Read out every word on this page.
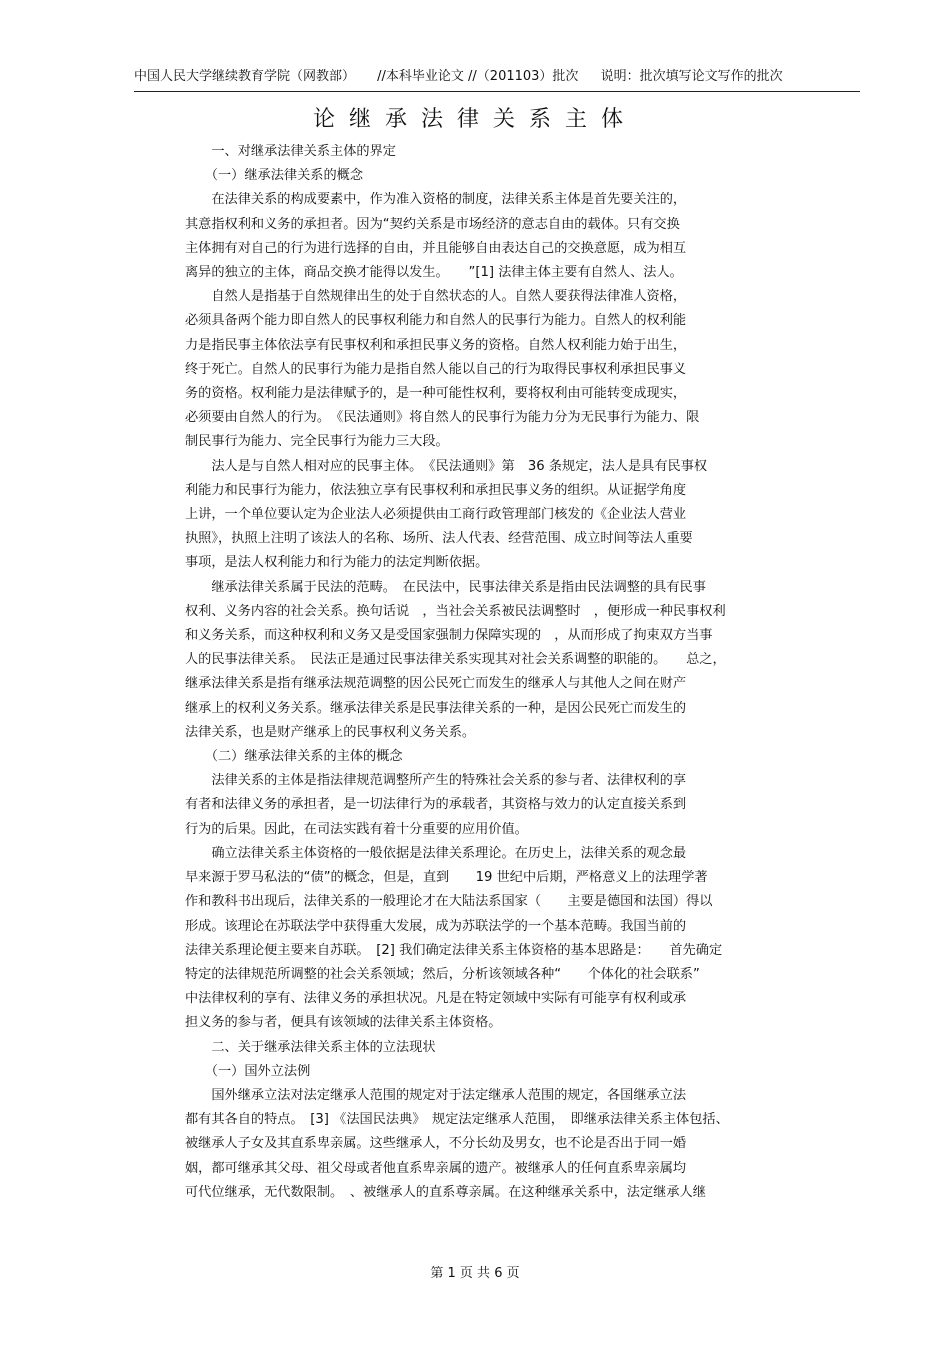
中国人民大学继续教育学院（网教部） //本科毕业论文 //（201103）批次 说明：批次填写论文写作的批次
论继承法律关系主体

　　一、对继承法律关系主体的界定

　　（一）继承法律关系的概念

　　在法律关系的构成要素中，作为准入资格的制度，法律关系主体是首先要关注的，

其意指权利和义务的承担者。因为“契约关系是市场经济的意志自由的载体。只有交换

主体拥有对自己的行为进行选择的自由，并且能够自由表达自己的交换意愿，成为相互

离异的独立的主体，商品交换才能得以发生。　　”[1] 法律主体主要有自然人、法人。

　　自然人是指基于自然规律出生的处于自然状态的人。自然人要获得法律准人资格，

必须具备两个能力即自然人的民事权利能力和自然人的民事行为能力。自然人的权利能

力是指民事主体依法享有民事权利和承担民事义务的资格。自然人权利能力始于出生，

终于死亡。自然人的民事行为能力是指自然人能以自己的行为取得民事权利承担民事义

务的资格。权利能力是法律赋予的，是一种可能性权利，要将权利由可能转变成现实，

必须要由自然人的行为。　《民法通则》将自然人的民事行为能力分为无民事行为能力、限

制民事行为能力、完全民事行为能力三大段。

　　法人是与自然人相对应的民事主体。　《民法通则》第　36 条规定，法人是具有民事权

利能力和民事行为能力，依法独立享有民事权利和承担民事义务的组织。从证据学角度

上讲，一个单位要认定为企业法人必须提供由工商行政管理部门核发的《企业法人营业

执照》，执照上注明了该法人的名称、场所、法人代表、经营范围、成立时间等法人重要

事项，是法人权利能力和行为能力的法定判断依据。

　　继承法律关系属于民法的范畴。　在民法中，民事法律关系是指由民法调整的具有民事

权利、义务内容的社会关系。换句话说　，当社会关系被民法调整时　，便形成一种民事权利

和义务关系，而这种权利和义务又是受国家强制力保障实现的　，从而形成了拘束双方当事

人的民事法律关系。　民法正是通过民事法律关系实现其对社会关系调整的职能的。　　总之，

继承法律关系是指有继承法规范调整的因公民死亡而发生的继承人与其他人之间在财产

继承上的权利义务关系。继承法律关系是民事法律关系的一种，是因公民死亡而发生的

法律关系，也是财产继承上的民事权利义务关系。

　　（二）继承法律关系的主体的概念

　　法律关系的主体是指法律规范调整所产生的特殊社会关系的参与者、法律权利的享

有者和法律义务的承担者，是一切法律行为的承载者，其资格与效力的认定直接关系到

行为的后果。因此，在司法实践有着十分重要的应用价值。

　　确立法律关系主体资格的一般依据是法律关系理论。在历史上，法律关系的观念最

早来源于罗马私法的“债”的概念，但是，直到　　19 世纪中后期，严格意义上的法理学著

作和教科书出现后，法律关系的一般理论才在大陆法系国家（　　主要是德国和法国）得以

形成。该理论在苏联法学中获得重大发展，成为苏联法学的一个基本范畴。我国当前的

法律关系理论便主要来自苏联。　[2] 我们确定法律关系主体资格的基本思路是：　　首先确定

特定的法律规范所调整的社会关系领域；然后，分析该领域各种“　　个体化的社会联系”

中法律权利的享有、法律义务的承担状况。凡是在特定领域中实际有可能享有权利或承

担义务的参与者，便具有该领域的法律关系主体资格。

　　二、关于继承法律关系主体的立法现状

　　（一）国外立法例

　　国外继承立法对法定继承人范围的规定对于法定继承人范围的规定，各国继承立法

都有其各自的特点。　[3] 《法国民法典》　规定法定继承人范围，　即继承法律关系主体包括、

被继承人子女及其直系卑亲属。这些继承人，不分长幼及男女，也不论是否出于同一婚

姻，都可继承其父母、祖父母或者他直系卑亲属的遗产。被继承人的任何直系卑亲属均

可代位继承，无代数限制。　、被继承人的直系尊亲属。在这种继承关系中，法定继承人继

第 1 页 共 6 页
